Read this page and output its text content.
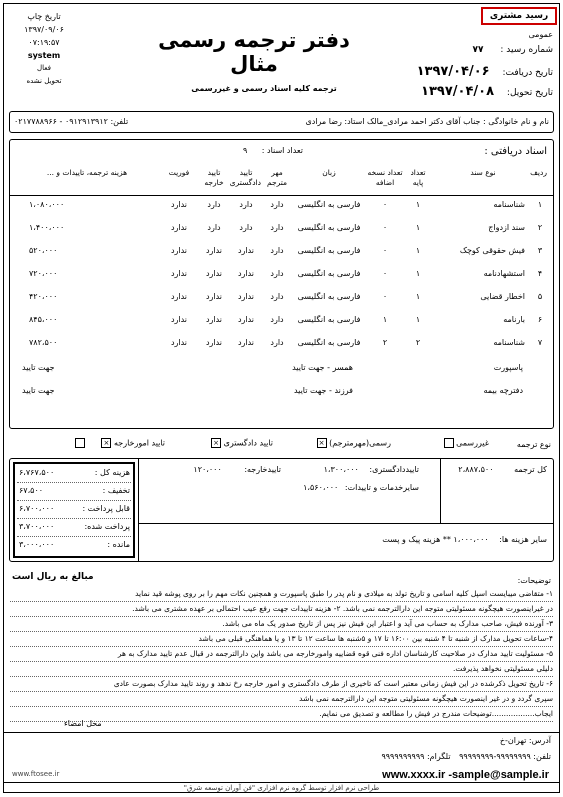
رسید مشتری
عمومی
دفتر ترجمه رسمی مثال
ترجمه کلیه اسناد رسمی و غیررسمی
شماره رسید : ۷۷
تاریخ دریافت: ۱۳۹۷/۰۴/۰۶
تاریخ تحویل: ۱۳۹۷/۰۴/۰۸
تاریخ چاپ
۱۳۹۷/۰۹/۰۶
۰۷:۱۹:۵۷
system
فعال
تحویل نشده
نام و نام خانوادگی : جناب آقای دکتر احمد مرادی_مالک استاد: رضا مرادی
تلفن: ۰۹۱۲۹۱۳۹۱۲ - ۰۲۱۷۷۸۸۹۶۶
اسناد دریافتی :
تعداد اسناد : ۹
ردیف
نوع سند
تعداد پایه
تعداد نسخه اضافه
زبان
مهر مترجم
تایید دادگستری
تایید خارجه
فوریت
هزینه ترجمه، تاییدات و ...
۱
شناسنامه
۱
۰
فارسی به انگلیسی
دارد
دارد
دارد
ندارد
۱،۰۸۰،۰۰۰
۲
سند ازدواج
۱
۰
فارسی به انگلیسی
دارد
دارد
دارد
ندارد
۱،۴۰۰،۰۰۰
۳
فیش حقوقی کوچک
۱
۰
فارسی به انگلیسی
دارد
ندارد
ندارد
ندارد
۵۲۰،۰۰۰
۴
استشهادنامه
۱
۰
فارسی به انگلیسی
دارد
ندارد
ندارد
ندارد
۷۲۰،۰۰۰
۵
اخطار قضایی
۱
۰
فارسی به انگلیسی
دارد
ندارد
ندارد
ندارد
۴۲۰،۰۰۰
۶
بارنامه
۱
۱
فارسی به انگلیسی
دارد
ندارد
ندارد
ندارد
۸۴۵،۰۰۰
۷
شناسنامه
۲
۲
فارسی به انگلیسی
دارد
ندارد
ندارد
ندارد
۷۸۲،۵۰۰
پاسپورت
همسر - جهت تایید
جهت تایید
دفترچه بیمه
فرزند - جهت تایید
جهت تایید
نوع ترجمه
غیررسمی
رسمی(مهرمترجم) ×
تایید دادگستری ×
تایید امورخارجه ×
کل ترجمه ۲،۸۸۷،۵۰۰
تاییددادگستری: ۱،۳۰۰،۰۰۰
تاییدخارجه: ۱۲۰،۰۰۰
سایرخدمات و تاییدات: ۱،۵۶۰،۰۰۰
سایر هزینه ها: ۱،۰۰۰،۰۰۰ ** هزینه پیک و پست
هزینه کل :
۶،۷۶۷،۵۰۰
تخفیف :
۶۷،۵۰۰
قابل پرداخت :
۶،۷۰۰،۰۰۰
پرداخت شده:
۳،۷۰۰،۰۰۰
مانده :
۳،۰۰۰،۰۰۰
مبالغ به ریال است	توضیحات:
۱- متقاضی میبایست اسپل کلیه اسامی و تاریخ تولد به میلادی و نام پدر را طبق پاسپورت و همچنین نکات مهم را بر روی پوشه قید نماید
در غیراینصورت هیچگونه مسئولیتی متوجه این دارالترجمه نمی باشد. ۲- هزینه تاییدات جهت رفع عیب احتمالی بر عهده مشتری می باشد.
۳- آورنده فیش، صاحب مدارک به حساب می آید و اعتبار این فیش نیز پس از تاریخ صدور یک ماه می باشد.
۴-ساعات تحویل مدارک از شنبه تا ۴ شنبه بین ۱۶:۰۰ تا ۱۷ و ۵شنبه ها ساعت ۱۲ تا ۱۳ و یا هماهنگی قبلی می باشد
۵- مسئولیت تایید مدارک در صلاحیت کارشناسان اداره فنی قوه قضاییه وامورخارجه می باشد واین دارالترجمه در قبال عدم تایید مدارک به هر
دلیلی مسئولیتی نخواهد پذیرفت.
۶- تاریخ تحویل ذکرشده در این فیش زمانی معتبر است که تاخیری از طرف دادگستری و امور خارجه رخ ندهد و روند تایید مدارک بصورت عادی
سپری گردد و در غیر اینصورت هیچگونه مسئولیتی متوجه این دارالترجمه نمی باشد
ایجاب..................توضیحات مندرج در فیش را مطالعه و تصدیق می نمایم.
محل امضاء
آدرس: تهران-خ
تلفن: ۹۹۹۹۹۹۹۹-۹۹۹۹۹۹۹۹ تلگرام: ۹۹۹۹۹۹۹۹۹۹
www.xxxx.ir -sample@sample.ir
www.ftosee.ir
طراحی نرم افزار توسط گروه نرم افزاری "فن آوران توسعه شرق"
